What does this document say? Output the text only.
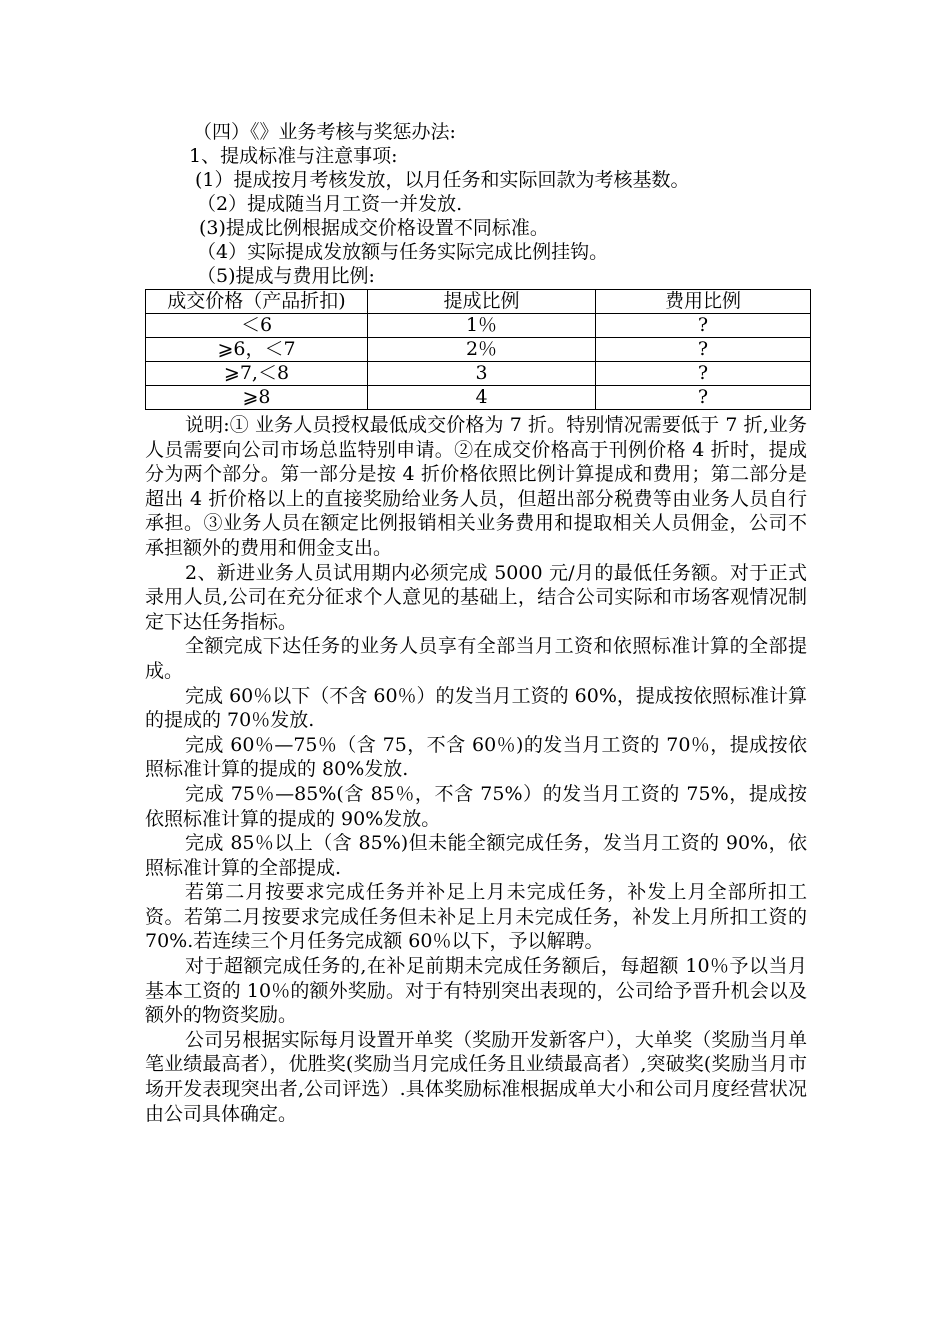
（四）《》业务考核与奖惩办法:
1、提成标准与注意事项:
(1）提成按月考核发放，以月任务和实际回款为考核基数。
（2）提成随当月工资一并发放.
(3)提成比例根据成交价格设置不同标准。
（4）实际提成发放额与任务实际完成比例挂钩。
（5)提成与费用比例:
成交价格（产品折扣)	提成比例	费用比例
＜6	1％	?
⩾6，＜7	2％	?
⩾7,＜8	3	?
⩾8	4	?

说明:① 业务人员授权最低成交价格为 7 折。特别情况需要低于 7 折,业务人员需要向公司市场总监特别申请。②在成交价格高于刊例价格 4 折时，提成分为两个部分。第一部分是按 4 折价格依照比例计算提成和费用；第二部分是超出 4 折价格以上的直接奖励给业务人员，但超出部分税费等由业务人员自行承担。③业务人员在额定比例报销相关业务费用和提取相关人员佣金，公司不承担额外的费用和佣金支出。

2、新进业务人员试用期内必须完成 5000 元/月的最低任务额。对于正式录用人员,公司在充分征求个人意见的基础上，结合公司实际和市场客观情况制定下达任务指标。

全额完成下达任务的业务人员享有全部当月工资和依照标准计算的全部提成。

完成 60％以下（不含 60％）的发当月工资的 60%，提成按依照标准计算的提成的 70％发放.

完成 60％—75％（含 75，不含 60％)的发当月工资的 70％，提成按依照标准计算的提成的 80%发放.

完成 75％—85%(含 85％，不含 75%）的发当月工资的 75%，提成按依照标准计算的提成的 90%发放。

完成 85％以上（含 85%)但未能全额完成任务，发当月工资的 90%，依照标准计算的全部提成.

若第二月按要求完成任务并补足上月未完成任务，补发上月全部所扣工资。若第二月按要求完成任务但未补足上月未完成任务，补发上月所扣工资的 70%.若连续三个月任务完成额 60％以下，予以解聘。

对于超额完成任务的,在补足前期未完成任务额后，每超额 10％予以当月基本工资的 10％的额外奖励。对于有特别突出表现的，公司给予晋升机会以及额外的物资奖励。

公司另根据实际每月设置开单奖（奖励开发新客户），大单奖（奖励当月单笔业绩最高者），优胜奖(奖励当月完成任务且业绩最高者）,突破奖(奖励当月市场开发表现突出者,公司评选）.具体奖励标准根据成单大小和公司月度经营状况由公司具体确定。
